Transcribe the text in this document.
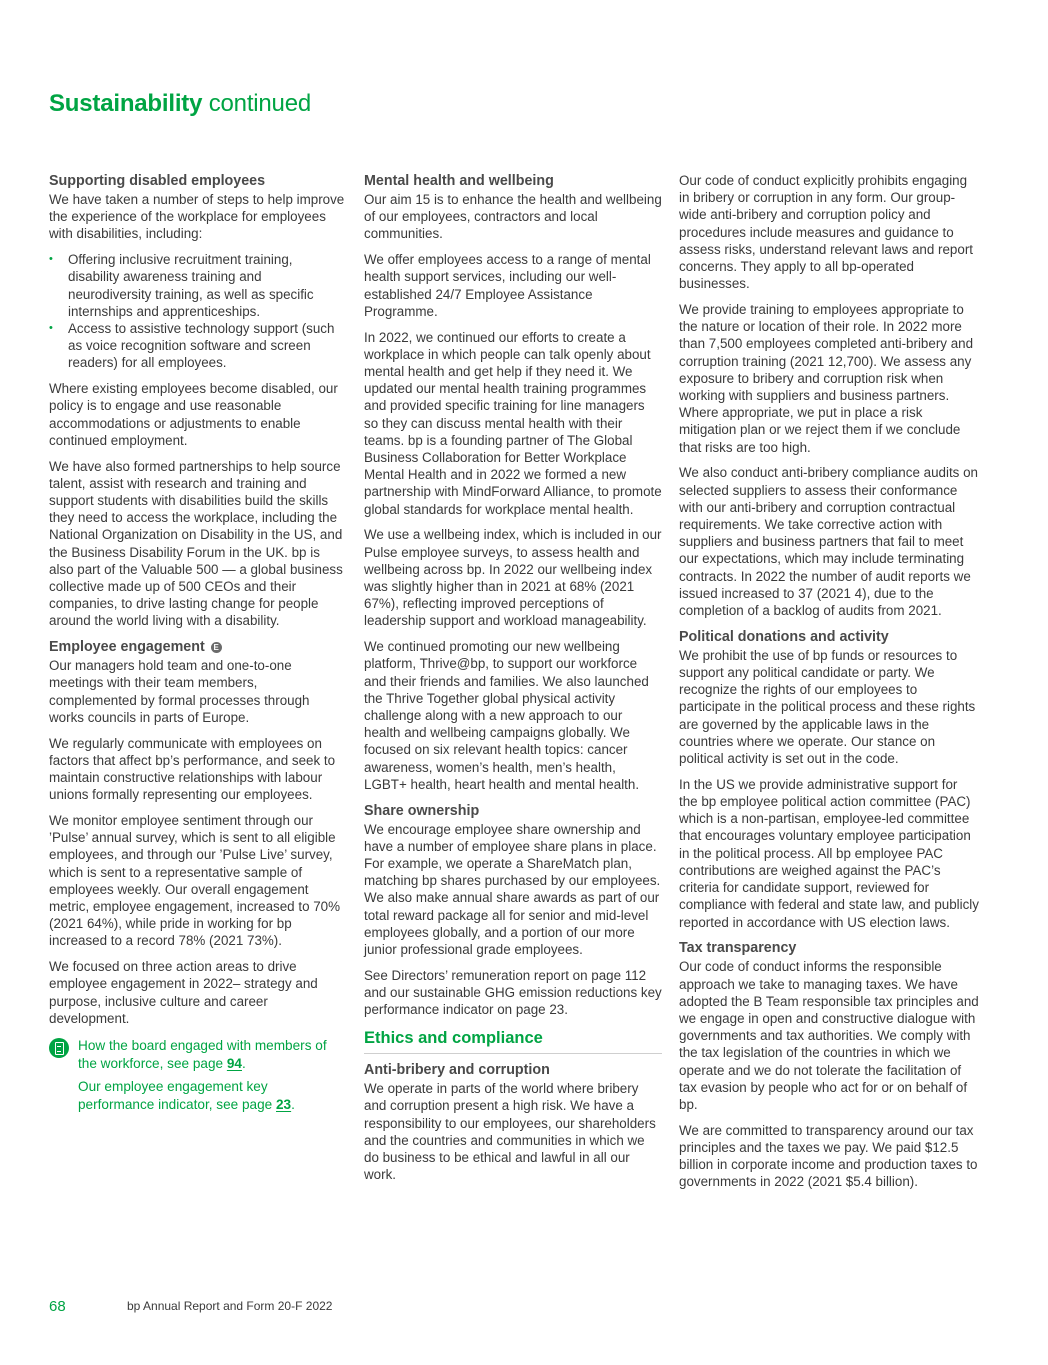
Sustainability continued
Supporting disabled employees

We have taken a number of steps to help improve the experience of the workplace for employees with disabilities, including:

• Offering inclusive recruitment training, disability awareness training and neurodiversity training, as well as specific internships and apprenticeships.
• Access to assistive technology support (such as voice recognition software and screen readers) for all employees.

Where existing employees become disabled, our policy is to engage and use reasonable accommodations or adjustments to enable continued employment.

We have also formed partnerships to help source talent, assist with research and training and support students with disabilities build the skills they need to access the workplace, including the National Organization on Disability in the US, and the Business Disability Forum in the UK. bp is also part of the Valuable 500 — a global business collective made up of 500 CEOs and their companies, to drive lasting change for people around the world living with a disability.

Employee engagement E

Our managers hold team and one-to-one meetings with their team members, complemented by formal processes through works councils in parts of Europe.

We regularly communicate with employees on factors that affect bp’s performance, and seek to maintain constructive relationships with labour unions formally representing our employees.

We monitor employee sentiment through our ’Pulse’ annual survey, which is sent to all eligible employees, and through our ’Pulse Live’ survey, which is sent to a representative sample of employees weekly. Our overall engagement metric, employee engagement, increased to 70% (2021 64%), while pride in working for bp increased to a record 78% (2021 73%).

We focused on three action areas to drive employee engagement in 2022– strategy and purpose, inclusive culture and career development.

How the board engaged with members of the workforce, see page 94.

Our employee engagement key performance indicator, see page 23.

Mental health and wellbeing

Our aim 15 is to enhance the health and wellbeing of our employees, contractors and local communities.

We offer employees access to a range of mental health support services, including our well-established 24/7 Employee Assistance Programme.

In 2022, we continued our efforts to create a workplace in which people can talk openly about mental health and get help if they need it. We updated our mental health training programmes and provided specific training for line managers so they can discuss mental health with their teams. bp is a founding partner of The Global Business Collaboration for Better Workplace Mental Health and in 2022 we formed a new partnership with MindForward Alliance, to promote global standards for workplace mental health.

We use a wellbeing index, which is included in our Pulse employee surveys, to assess health and wellbeing across bp. In 2022 our wellbeing index was slightly higher than in 2021 at 68% (2021 67%), reflecting improved perceptions of leadership support and workload manageability.

We continued promoting our new wellbeing platform, Thrive@bp, to support our workforce and their friends and families. We also launched the Thrive Together global physical activity challenge along with a new approach to our health and wellbeing campaigns globally. We focused on six relevant health topics: cancer awareness, women’s health, men’s health, LGBT+ health, heart health and mental health.

Share ownership

We encourage employee share ownership and have a number of employee share plans in place. For example, we operate a ShareMatch plan, matching bp shares purchased by our employees. We also make annual share awards as part of our total reward package all for senior and mid-level employees globally, and a portion of our more junior professional grade employees.

See Directors’ remuneration report on page 112 and our sustainable GHG emission reductions key performance indicator on page 23.

Ethics and compliance
Anti-bribery and corruption

We operate in parts of the world where bribery and corruption present a high risk. We have a responsibility to our employees, our shareholders and the countries and communities in which we do business to be ethical and lawful in all our work.

Our code of conduct explicitly prohibits engaging in bribery or corruption in any form. Our group-wide anti-bribery and corruption policy and procedures include measures and guidance to assess risks, understand relevant laws and report concerns. They apply to all bp-operated businesses.

We provide training to employees appropriate to the nature or location of their role. In 2022 more than 7,500 employees completed anti-bribery and corruption training (2021 12,700). We assess any exposure to bribery and corruption risk when working with suppliers and business partners. Where appropriate, we put in place a risk mitigation plan or we reject them if we conclude that risks are too high.

We also conduct anti-bribery compliance audits on selected suppliers to assess their conformance with our anti-bribery and corruption contractual requirements. We take corrective action with suppliers and business partners that fail to meet our expectations, which may include terminating contracts. In 2022 the number of audit reports we issued increased to 37 (2021 4), due to the completion of a backlog of audits from 2021.

Political donations and activity

We prohibit the use of bp funds or resources to support any political candidate or party. We recognize the rights of our employees to participate in the political process and these rights are governed by the applicable laws in the countries where we operate. Our stance on political activity is set out in the code.

In the US we provide administrative support for the bp employee political action committee (PAC) which is a non-partisan, employee-led committee that encourages voluntary employee participation in the political process. All bp employee PAC contributions are weighed against the PAC’s criteria for candidate support, reviewed for compliance with federal and state law, and publicly reported in accordance with US election laws.

Tax transparency

Our code of conduct informs the responsible approach we take to managing taxes. We have adopted the B Team responsible tax principles and we engage in open and constructive dialogue with governments and tax authorities. We comply with the tax legislation of the countries in which we operate and we do not tolerate the facilitation of tax evasion by people who act for or on behalf of bp.

We are committed to transparency around our tax principles and the taxes we pay. We paid $12.5 billion in corporate income and production taxes to governments in 2022 (2021 $5.4 billion).

68	bp Annual Report and Form 20-F 2022
